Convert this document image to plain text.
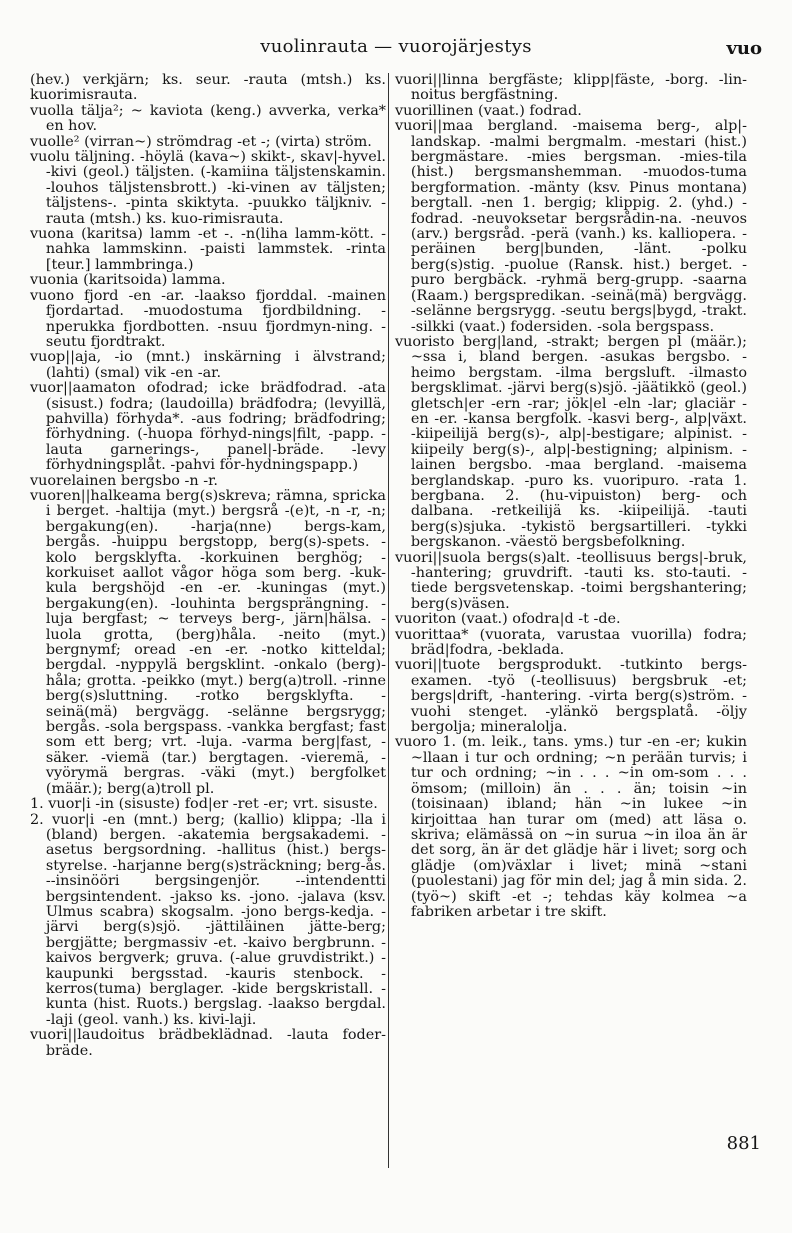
vuolinrauta — vuorojärjestys	vuo

(hev.) verkjärn; ks. seur. -rauta (mtsh.) ks. kuorimisrauta.

vuolla tälja²; ~ kaviota (keng.) avverka, verka* en hov.

vuolle² (virran~) strömdrag -et -; (virta) ström.

vuolu täljning. -höylä (kava~) skikt-, skav|-hyvel. -kivi (geol.) täljsten. (-kamiina täljstenskamin. -louhos täljstensbrott.) -ki-vinen av täljsten; täljstens-. -pinta skiktyta. -puukko täljkniv. -rauta (mtsh.) ks. kuo-rimisrauta.

vuona (karitsa) lamm -et -. -n(liha lamm-kött. -nahka lammskinn. -paisti lammstek. -rinta [teur.] lammbringa.)

vuonia (karitsoida) lamma.

vuono fjord -en -ar. -laakso fjorddal. -mainen fjordartad. -muodostuma fjordbildning. -nperukka fjordbotten. -nsuu fjordmyn-ning. -seutu fjordtrakt.

vuop||aja, -io (mnt.) inskärning i älvstrand; (lahti) (smal) vik -en -ar.

vuor||aamaton ofodrad; icke brädfodrad. -ata (sisust.) fodra; (laudoilla) brädfodra; (levyillä, pahvilla) förhyda*. -aus fodring; brädfodring; förhydning. (-huopa förhyd-nings|filt, -papp. -lauta garnerings-, panel|-bräde. -levy förhydningsplåt. -pahvi för-hydningspapp.)

vuorelainen bergsbo -n -r.

vuoren||halkeama berg(s)skreva; rämna, spricka i berget. -haltija (myt.) bergsrå -(e)t, -n -r, -n; bergakung(en). -harja(nne) bergs-kam, bergås. -huippu bergstopp, berg(s)-spets. -kolo bergsklyfta. -korkuinen berghög; -korkuiset aallot vågor höga som berg. -kuk-kula bergshöjd -en -er. -kuningas (myt.) bergakung(en). -louhinta bergsprängning. -luja bergfast; ~ terveys berg-, järn|hälsa. -luola grotta, (berg)håla. -neito (myt.) bergnymf; oread -en -er. -notko kitteldal; bergdal. -nyppylä bergsklint. -onkalo (berg)-håla; grotta. -peikko (myt.) berg(a)troll. -rinne berg(s)sluttning. -rotko bergsklyfta. -seinä(mä) bergvägg. -selänne bergsrygg; bergås. -sola bergspass. -vankka bergfast; fast som ett berg; vrt. -luja. -varma berg|fast, -säker. -viemä (tar.) bergtagen. -vieremä, -vyörymä bergras. -väki (myt.) bergfolket (määr.); berg(a)troll pl.

1. vuor|i -in (sisuste) fod|er -ret -er; vrt. sisuste.

2. vuor|i -en (mnt.) berg; (kallio) klippa; -lla i (bland) bergen. -akatemia bergsakademi. -asetus bergsordning. -hallitus (hist.) bergs-styrelse. -harjanne berg(s)sträckning; berg-ås. --insinööri bergsingenjör. --intendentti bergsintendent. -jakso ks. -jono. -jalava (ksv. Ulmus scabra) skogsalm. -jono bergs-kedja. -järvi berg(s)sjö. -jättiläinen jätte-berg; bergjätte; bergmassiv -et. -kaivo bergbrunn. -kaivos bergverk; gruva. (-alue gruvdistrikt.) -kaupunki bergsstad. -kauris stenbock. -kerros(tuma) berglager. -kide bergskristall. -kunta (hist. Ruots.) bergslag. -laakso bergdal. -laji (geol. vanh.) ks. kivi-laji.

vuori||laudoitus brädbeklädnad. -lauta foder-bräde.

vuori||linna bergfäste; klipp|fäste, -borg. -lin-noitus bergfästning.

vuorillinen (vaat.) fodrad.

vuori||maa bergland. -maisema berg-, alp|-landskap. -malmi bergmalm. -mestari (hist.) bergmästare. -mies bergsman. -mies-tila (hist.) bergsmanshemman. -muodos-tuma bergformation. -mänty (ksv. Pinus montana) bergtall. -nen 1. bergig; klippig. 2. (yhd.) -fodrad. -neuvoksetar bergsrådin-na. -neuvos (arv.) bergsråd. -perä (vanh.) ks. kalliopera. -peräinen berg|bunden, -länt. -polku berg(s)stig. -puolue (Ransk. hist.) berget. -puro bergbäck. -ryhmä berg-grupp. -saarna (Raam.) bergspredikan. -seinä(mä) bergvägg. -selänne bergsrygg. -seutu bergs|bygd, -trakt. -silkki (vaat.) fodersiden. -sola bergspass.

vuoristo berg|land, -strakt; bergen pl (määr.); ~ssa i, bland bergen. -asukas bergsbo. -heimo bergstam. -ilma bergsluft. -ilmasto bergsklimat. -järvi berg(s)sjö. -jäätikkö (geol.) gletsch|er -ern -rar; jök|el -eln -lar; glaciär -en -er. -kansa bergfolk. -kasvi berg-, alp|växt. -kiipeilijä berg(s)-, alp|-bestigare; alpinist. -kiipeily berg(s)-, alp|-bestigning; alpinism. -lainen bergsbo. -maa bergland. -maisema berglandskap. -puro ks. vuoripuro. -rata 1. bergbana. 2. (hu-vipuiston) berg- och dalbana. -retkeilijä ks. -kiipeilijä. -tauti berg(s)sjuka. -tykistö bergsartilleri. -tykki bergskanon. -väestö bergsbefolkning.

vuori||suola bergs(s)alt. -teollisuus bergs|-bruk, -hantering; gruvdrift. -tauti ks. sto-tauti. -tiede bergsvetenskap. -toimi bergshantering; berg(s)väsen.

vuoriton (vaat.) ofodra|d -t -de.

vuorittaa* (vuorata, varustaa vuorilla) fodra; bräd|fodra, -beklada.

vuori||tuote bergsprodukt. -tutkinto bergs-examen. -työ (-teollisuus) bergsbruk -et; bergs|drift, -hantering. -virta berg(s)ström. -vuohi stenget. -ylänkö bergsplatå. -öljy bergolja; mineralolja.

vuoro 1. (m. leik., tans. yms.) tur -en -er; kukin ~llaan i tur och ordning; ~n perään turvis; i tur och ordning; ~in . . . ~in om-som . . . ömsom; (milloin) än . . . än; toisin ~in (toisinaan) ibland; hän ~in lukee ~in kirjoittaa han turar om (med) att läsa o. skriva; elämässä on ~in surua ~in iloa än är det sorg, än är det glädje här i livet; sorg och glädje (om)växlar i livet; minä ~stani (puolestani) jag för min del; jag å min sida. 2. (työ~) skift -et -; tehdas käy kolmea ~a fabriken arbetar i tre skift.

881
